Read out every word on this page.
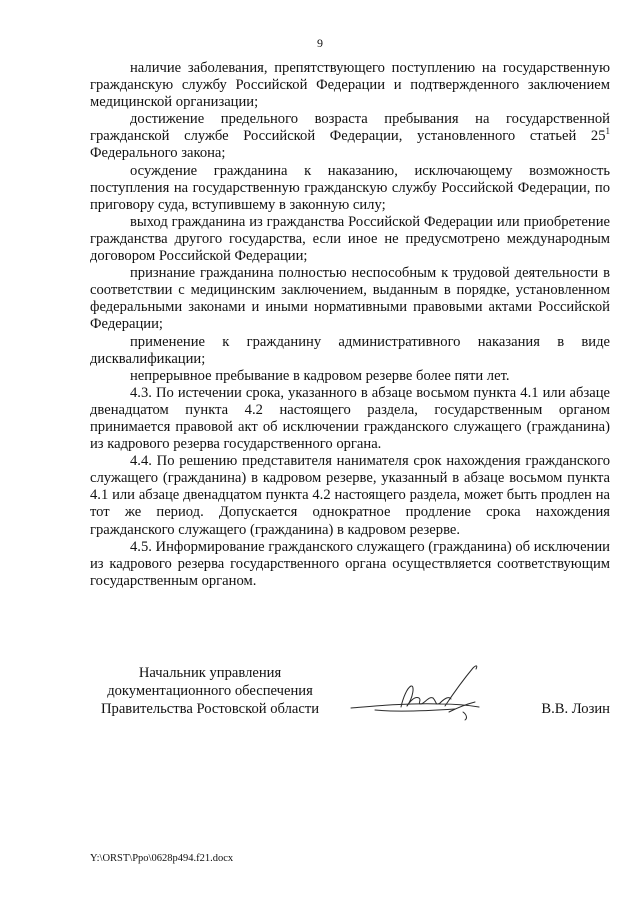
9

наличие заболевания, препятствующего поступлению на государственную гражданскую службу Российской Федерации и подтвержденного заключением медицинской организации;

достижение предельного возраста пребывания на государственной гражданской службе Российской Федерации, установленного статьей $25^1$ Федерального закона;

осуждение гражданина к наказанию, исключающему возможность поступления на государственную гражданскую службу Российской Федерации, по приговору суда, вступившему в законную силу;

выход гражданина из гражданства Российской Федерации или приобретение гражданства другого государства, если иное не предусмотрено международным договором Российской Федерации;

признание гражданина полностью неспособным к трудовой деятельности в соответствии с медицинским заключением, выданным в порядке, установленном федеральными законами и иными нормативными правовыми актами Российской Федерации;

применение к гражданину административного наказания в виде дисквалификации;

непрерывное пребывание в кадровом резерве более пяти лет.

4.3. По истечении срока, указанного в абзаце восьмом пункта 4.1 или абзаце двенадцатом пункта 4.2 настоящего раздела, государственным органом принимается правовой акт об исключении гражданского служащего (гражданина) из кадрового резерва государственного органа.

4.4. По решению представителя нанимателя срок нахождения гражданского служащего (гражданина) в кадровом резерве, указанный в абзаце восьмом пункта 4.1 или абзаце двенадцатом пункта 4.2 настоящего раздела, может быть продлен на тот же период. Допускается однократное продление срока нахождения гражданского служащего (гражданина) в кадровом резерве.

4.5. Информирование гражданского служащего (гражданина) об исключении из кадрового резерва государственного органа осуществляется соответствующим государственным органом.

Начальник управления
документационного обеспечения
Правительства Ростовской области	В.В. Лозин
Y:\ORST\Ppo\0628p494.f21.docx
